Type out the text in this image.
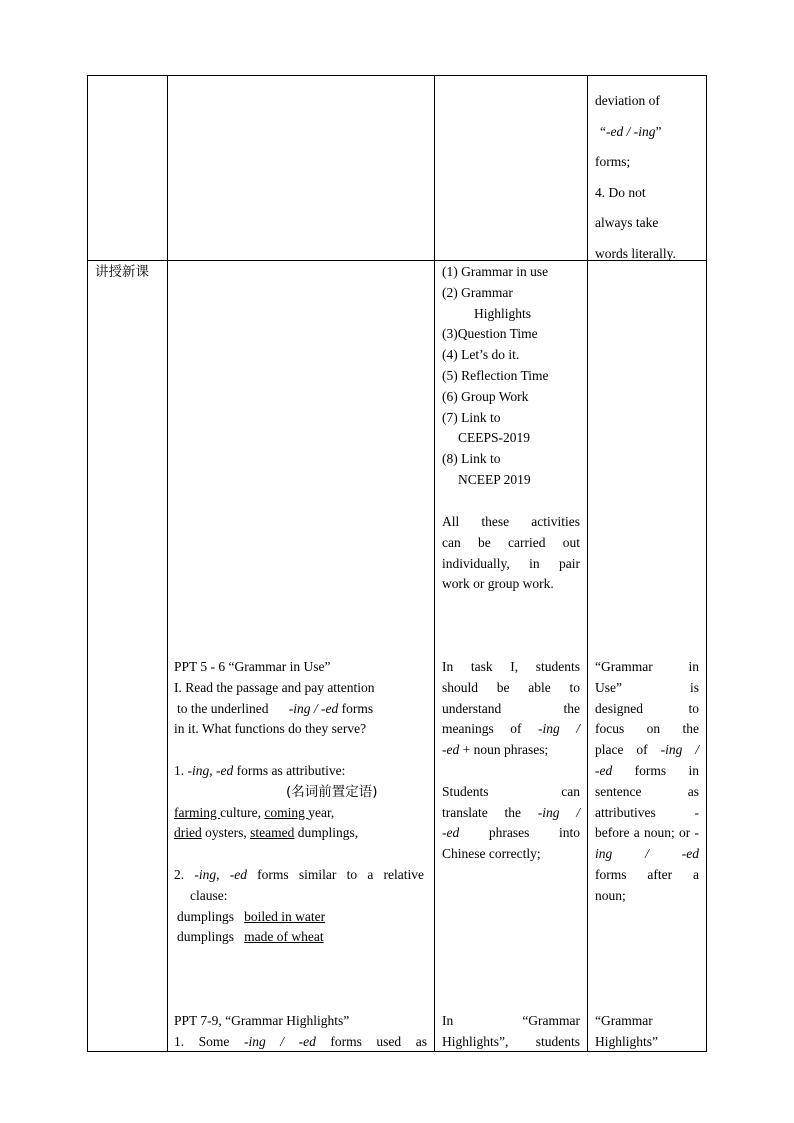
deviation of
“-ed / -ing”
forms;
4. Do not
always take
words literally.
讲授新课	(1) Grammar in use
(2) Grammar
Highlights
(3)Question Time
(4) Let’s do it.
(5) Reflection Time
(6) Group Work
(7) Link to
CEEPS-2019
(8) Link to
NCEEP 2019
All these activities
can be carried out
individually, in pair
work or group work.
PPT 5 - 6 “Grammar in Use”
I. Read the passage and pay attention
to the underlined -ing / -ed forms
in it. What functions do they serve?

1. -ing, -ed forms as attributive:
(名词前置定语)
farming culture, coming year,
dried oysters, steamed dumplings,

2. -ing, -ed forms similar to a relative
clause:
dumplings boiled in water
dumplings made of wheat
In task I, students
should be able to
understand the
meanings of -ing /
-ed + noun phrases;

Students can
translate the -ing /
-ed phrases into
Chinese correctly;
“Grammar in
Use” is
designed to
focus on the
place of -ing /
-ed forms in
sentence as
attributives -
before a noun; or -ing / -ed
forms after a
noun;
PPT 7-9, “Grammar Highlights”
1. Some -ing / -ed forms used as
In “Grammar
Highlights”, students
“Grammar
Highlights”
